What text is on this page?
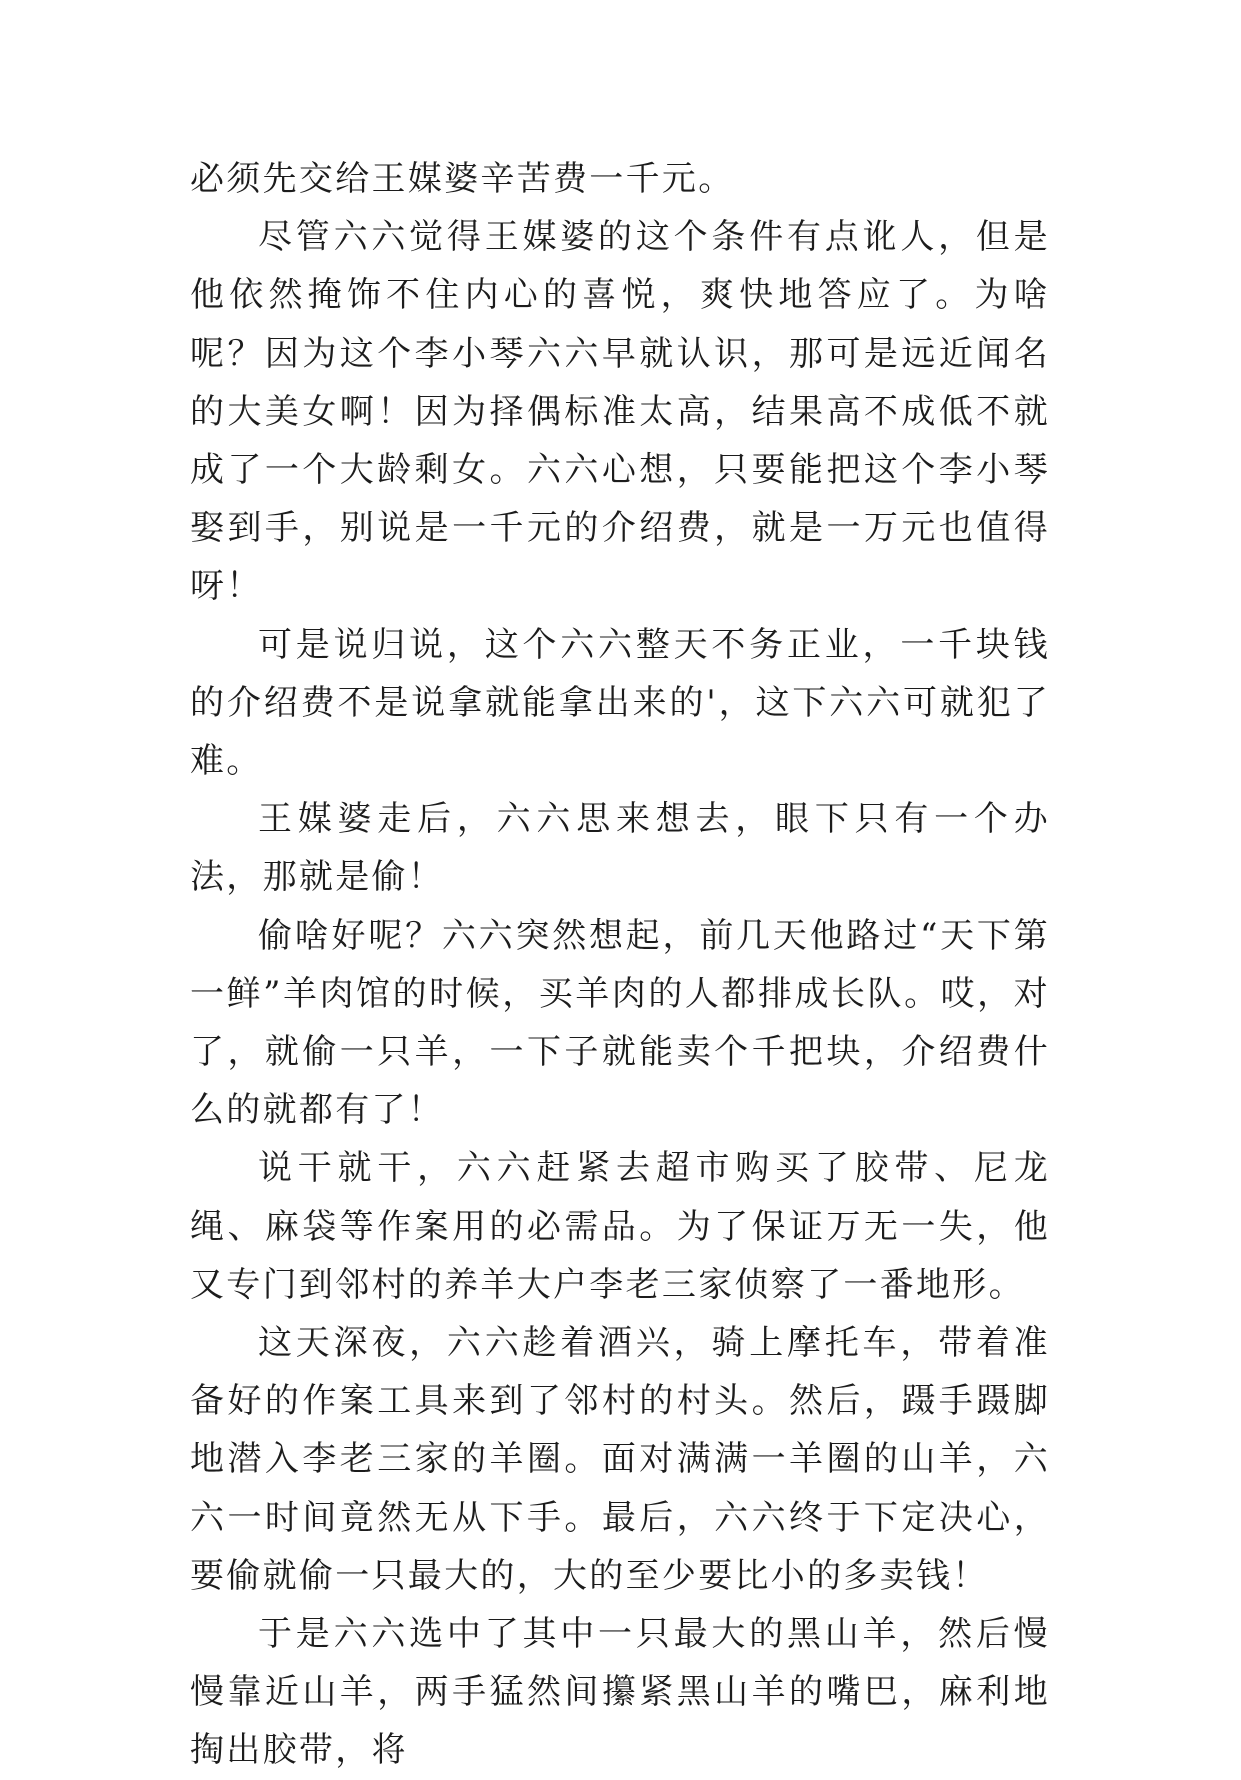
必须先交给王媒婆辛苦费一千元。

尽管六六觉得王媒婆的这个条件有点讹人，但是他依然掩饰不住内心的喜悦，爽快地答应了。为啥呢？因为这个李小琴六六早就认识，那可是远近闻名的大美女啊！因为择偶标准太高，结果高不成低不就成了一个大龄剩女。六六心想，只要能把这个李小琴娶到手，别说是一千元的介绍费，就是一万元也值得呀！

可是说归说，这个六六整天不务正业，一千块钱的介绍费不是说拿就能拿出来的'，这下六六可就犯了难。

王媒婆走后，六六思来想去，眼下只有一个办法，那就是偷！

偷啥好呢？六六突然想起，前几天他路过“天下第一鲜”羊肉馆的时候，买羊肉的人都排成长队。哎，对了，就偷一只羊，一下子就能卖个千把块，介绍费什么的就都有了！

说干就干，六六赶紧去超市购买了胶带、尼龙绳、麻袋等作案用的必需品。为了保证万无一失，他又专门到邻村的养羊大户李老三家侦察了一番地形。

这天深夜，六六趁着酒兴，骑上摩托车，带着准备好的作案工具来到了邻村的村头。然后，蹑手蹑脚地潜入李老三家的羊圈。面对满满一羊圈的山羊，六六一时间竟然无从下手。最后，六六终于下定决心，要偷就偷一只最大的，大的至少要比小的多卖钱！

于是六六选中了其中一只最大的黑山羊，然后慢慢靠近山羊，两手猛然间攥紧黑山羊的嘴巴，麻利地掏出胶带，将
